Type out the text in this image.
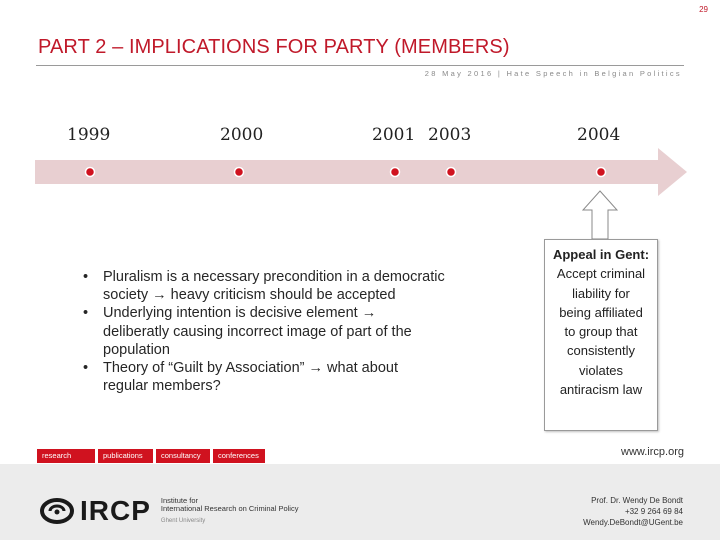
29
PART 2 – IMPLICATIONS FOR PARTY (MEMBERS)
28 May 2016 | Hate Speech in Belgian Politics
1999	2000	2001 2003	2004
• Pluralism is a necessary precondition in a democratic
society → heavy criticism should be accepted
• Underlying intention is decisive element →
deliberatly causing incorrect image of part of the
population
• Theory of “Guilt by Association” → what about
regular members?
Appeal in Gent:
Accept criminal
liability for
being affiliated
to group that
consistently
violates
antiracism law
research	publications	consultancy	conferences	www.ircp.org
IRCP Institute for
International Research on Criminal Policy
Ghent University
Prof. Dr. Wendy De Bondt
+32 9 264 69 84
Wendy.DeBondt@UGent.be
